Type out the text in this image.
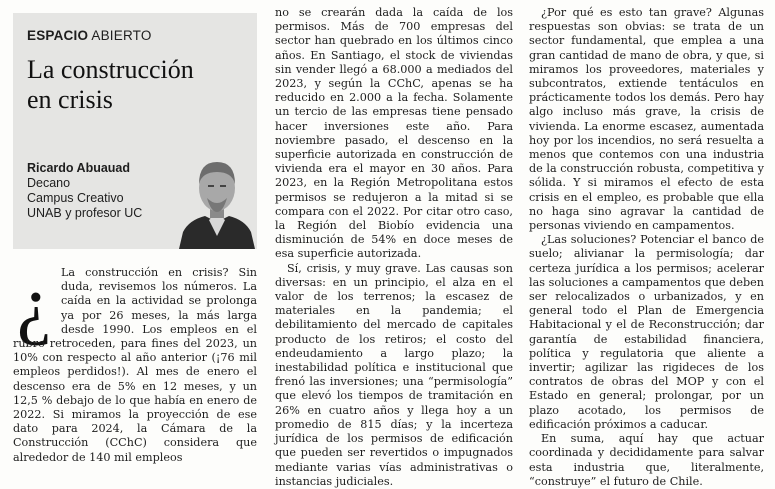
ESPACIO ABIERTO
La construcción
en crisis
Ricardo Abuauad
Decano
Campus Creativo
UNAB y profesor UC
¿ La construcción en crisis? Sin duda, revisemos los números. La caída en la actividad se prolonga ya por 26 meses, la más larga desde 1990. Los empleos en el rubro retroceden, para fines del 2023, un 10% con respecto al año anterior (¡76 mil empleos perdidos!). Al mes de enero el descenso era de 5% en 12 meses, y un 12,5 % debajo de lo que había en enero de 2022. Si miramos la proyección de ese dato para 2024, la Cámara de la Construcción (CChC) considera que alrededor de 140 mil empleos

no se crearán dada la caída de los permisos. Más de 700 empresas del sector han quebrado en los últimos cinco años. En Santiago, el stock de viviendas sin vender llegó a 68.000 a mediados del 2023, y según la CChC, apenas se ha reducido en 2.000 a la fecha. Solamente un tercio de las empresas tiene pensado hacer inversiones este año. Para noviembre pasado, el descenso en la superficie autorizada en construcción de vivienda era el mayor en 30 años. Para 2023, en la Región Metropolitana estos permisos se redujeron a la mitad si se compara con el 2022. Por citar otro caso, la Región del Biobío evidencia una disminución de 54% en doce meses de esa superficie autorizada.

Sí, crisis, y muy grave. Las causas son diversas: en un principio, el alza en el valor de los terrenos; la escasez de materiales en la pandemia; el debilitamiento del mercado de capitales producto de los retiros; el costo del endeudamiento a largo plazo; la inestabilidad política e institucional que frenó las inversiones; una “permisología” que elevó los tiempos de tramitación en 26% en cuatro años y llega hoy a un promedio de 815 días; y la incerteza jurídica de los permisos de edificación que pueden ser revertidos o impugnados mediante varias vías administrativas o instancias judiciales.

¿Por qué es esto tan grave? Algunas respuestas son obvias: se trata de un sector fundamental, que emplea a una gran cantidad de mano de obra, y que, si miramos los proveedores, materiales y subcontratos, extiende tentáculos en prácticamente todos los demás. Pero hay algo incluso más grave, la crisis de vivienda. La enorme escasez, aumentada hoy por los incendios, no será resuelta a menos que contemos con una industria de la construcción robusta, competitiva y sólida. Y si miramos el efecto de esta crisis en el empleo, es probable que ella no haga sino agravar la cantidad de personas viviendo en campamentos.

¿Las soluciones? Potenciar el banco de suelo; alivianar la permisología; dar certeza jurídica a los permisos; acelerar las soluciones a campamentos que deben ser relocalizados o urbanizados, y en general todo el Plan de Emergencia Habitacional y el de Reconstrucción; dar garantía de estabilidad financiera, política y regulatoria que aliente a invertir; agilizar las rigideces de los contratos de obras del MOP y con el Estado en general; prolongar, por un plazo acotado, los permisos de edificación próximos a caducar.

En suma, aquí hay que actuar coordinada y decididamente para salvar esta industria que, literalmente, “construye” el futuro de Chile.
